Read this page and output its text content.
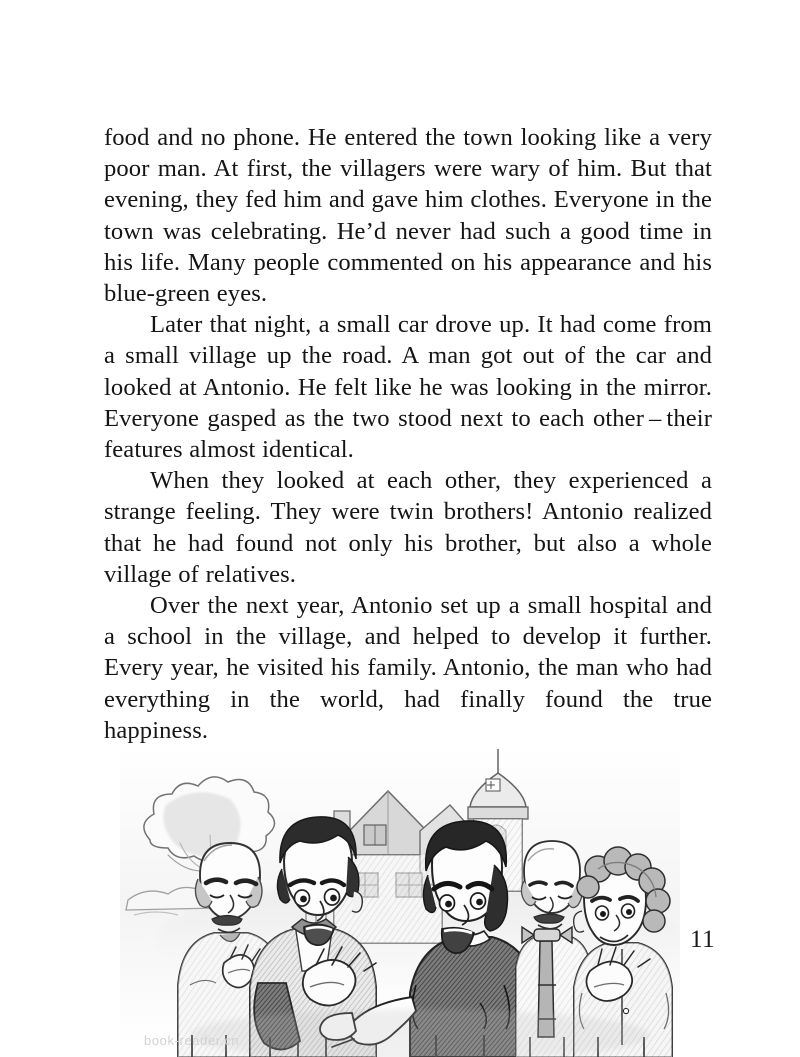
food and no phone. He entered the town looking like a very poor man. At first, the villagers were wary of him. But that evening, they fed him and gave him clothes. Everyone in the town was celebrating. He’d never had such a good time in his life. Many people commented on his appearance and his blue-green eyes.

Later that night, a small car drove up. It had come from a small village up the road. A man got out of the car and looked at Antonio. He felt like he was looking in the mirror. Everyone gasped as the two stood next to each other – their features almost identical.

When they looked at each other, they experienced a strange feeling. They were twin brothers! Antonio realized that he had found not only his brother, but also a whole village of relatives.

Over the next year, Antonio set up a small hospital and a school in the village, and helped to develop it further. Every year, he visited his family. Antonio, the man who had everything in the world, had finally found the true happiness.

11
book-reader.cn
